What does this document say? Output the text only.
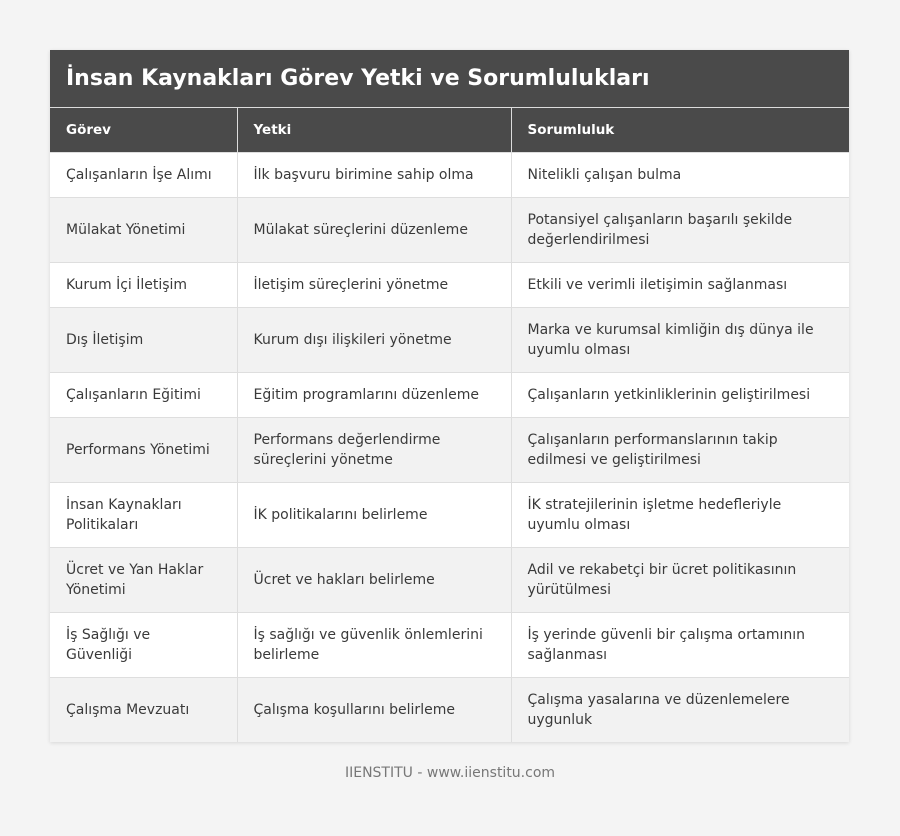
İnsan Kaynakları Görev Yetki ve Sorumlulukları
Görev	Yetki	Sorumluluk
Çalışanların İşe Alımı	İlk başvuru birimine sahip olma	Nitelikli çalışan bulma
Mülakat Yönetimi	Mülakat süreçlerini düzenleme	Potansiyel çalışanların başarılı şekilde değerlendirilmesi
Kurum İçi İletişim	İletişim süreçlerini yönetme	Etkili ve verimli iletişimin sağlanması
Dış İletişim	Kurum dışı ilişkileri yönetme	Marka ve kurumsal kimliğin dış dünya ile uyumlu olması
Çalışanların Eğitimi	Eğitim programlarını düzenleme	Çalışanların yetkinliklerinin geliştirilmesi
Performans Yönetimi	Performans değerlendirme süreçlerini yönetme	Çalışanların performanslarının takip edilmesi ve geliştirilmesi
İnsan Kaynakları Politikaları	İK politikalarını belirleme	İK stratejilerinin işletme hedefleriyle uyumlu olması
Ücret ve Yan Haklar Yönetimi	Ücret ve hakları belirleme	Adil ve rekabetçi bir ücret politikasının yürütülmesi
İş Sağlığı ve Güvenliği	İş sağlığı ve güvenlik önlemlerini belirleme	İş yerinde güvenli bir çalışma ortamının sağlanması
Çalışma Mevzuatı	Çalışma koşullarını belirleme	Çalışma yasalarına ve düzenlemelere uygunluk
IIENSTITU - www.iienstitu.com
